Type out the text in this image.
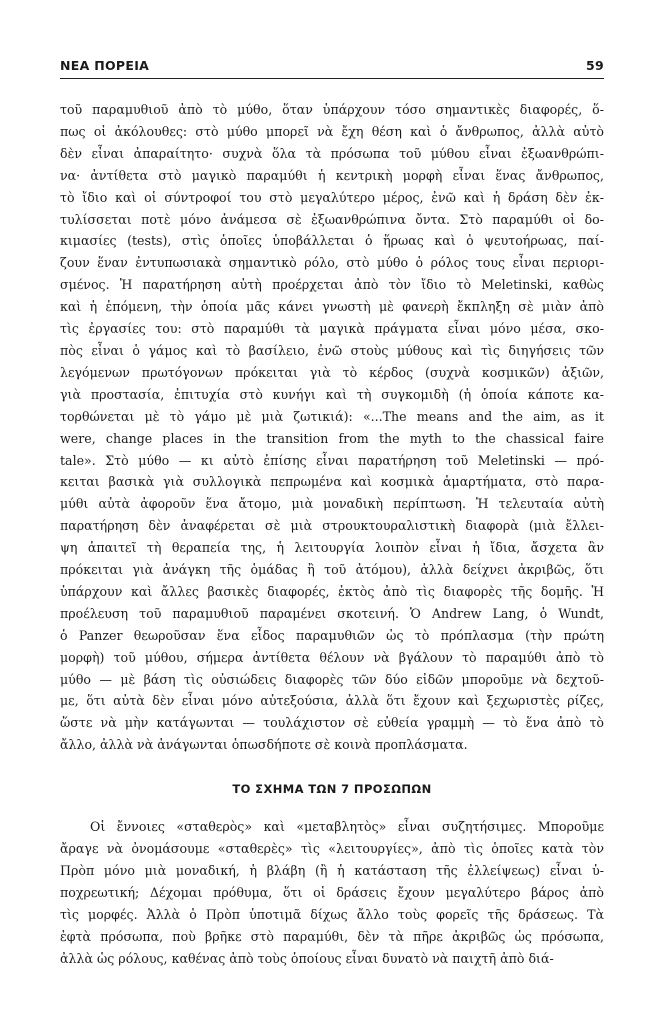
ΝΕΑ ΠΟΡΕΙΑ	59
τοῦ παραμυθιοῦ ἀπὸ τὸ μύθο, ὅταν ὑπάρχουν τόσο σημαντικὲς διαφορές, ὅ-
πως οἱ ἀκόλουθες: στὸ μύθο μπορεῖ νὰ ἔχη θέση καὶ ὁ ἄνθρωπος, ἀλλὰ αὐτὸ
δὲν εἶναι ἀπαραίτητο· συχνὰ ὅλα τὰ πρόσωπα τοῦ μύθου εἶναι ἐξωανθρώπι-
να· ἀντίθετα στὸ μαγικὸ παραμύθι ἡ κεντρικὴ μορφὴ εἶναι ἕνας ἄνθρωπος,
τὸ ἴδιο καὶ οἱ σύντροφοί του στὸ μεγαλύτερο μέρος, ἐνῶ καὶ ἡ δράση δὲν ἐκ-
τυλίσσεται ποτὲ μόνο ἀνάμεσα σὲ ἐξωανθρώπινα ὄντα. Στὸ παραμύθι οἱ δο-
κιμασίες (tests), στὶς ὁποῖες ὑποβάλλεται ὁ ἥρωας καὶ ὁ ψευτοήρωας, παί-
ζουν ἕναν ἐντυπωσιακὰ σημαντικὸ ρόλο, στὸ μύθο ὁ ρόλος τους εἶναι περιορι-
σμένος. Ἡ παρατήρηση αὐτὴ προέρχεται ἀπὸ τὸν ἴδιο τὸ Meletinski, καθὼς
καὶ ἡ ἑπόμενη, τὴν ὁποία μᾶς κάνει γνωστὴ μὲ φανερὴ ἔκπληξη σὲ μιὰν ἀπὸ
τὶς ἐργασίες του: στὸ παραμύθι τὰ μαγικὰ πράγματα εἶναι μόνο μέσα, σκο-
πὸς εἶναι ὁ γάμος καὶ τὸ βασίλειο, ἐνῶ στοὺς μύθους καὶ τὶς διηγήσεις τῶν
λεγόμενων πρωτόγονων πρόκειται γιὰ τὸ κέρδος (συχνὰ κοσμικῶν) ἀξιῶν,
γιὰ προστασία, ἐπιτυχία στὸ κυνήγι καὶ τὴ συγκομιδὴ (ἡ ὁποία κάποτε κα-
τορθώνεται μὲ τὸ γάμο μὲ μιὰ ζωτικιά): «...The means and the aim, as it
were, change places in the transition from the myth to the chassical faire
tale». Στὸ μύθο — κι αὐτὸ ἐπίσης εἶναι παρατήρηση τοῦ Meletinski — πρό-
κειται βασικὰ γιὰ συλλογικὰ πεπρωμένα καὶ κοσμικὰ ἁμαρτήματα, στὸ παρα-
μύθι αὐτὰ ἀφοροῦν ἕνα ἄτομο, μιὰ μοναδικὴ περίπτωση. Ἡ τελευταία αὐτὴ
παρατήρηση δὲν ἀναφέρεται σὲ μιὰ στρουκτουραλιστικὴ διαφορὰ (μιὰ ἔλλει-
ψη ἀπαιτεῖ τὴ θεραπεία της, ἡ λειτουργία λοιπὸν εἶναι ἡ ἴδια, ἄσχετα ἂν
πρόκειται γιὰ ἀνάγκη τῆς ὁμάδας ἢ τοῦ ἀτόμου), ἀλλὰ δείχνει ἀκριβῶς, ὅτι
ὑπάρχουν καὶ ἄλλες βασικὲς διαφορές, ἐκτὸς ἀπὸ τὶς διαφορὲς τῆς δομῆς. Ἡ
προέλευση τοῦ παραμυθιοῦ παραμένει σκοτεινή. Ὁ Andrew Lang, ὁ Wundt,
ὁ Panzer θεωροῦσαν ἕνα εἶδος παραμυθιῶν ὡς τὸ πρόπλασμα (τὴν πρώτη
μορφὴ) τοῦ μύθου, σήμερα ἀντίθετα θέλουν νὰ βγάλουν τὸ παραμύθι ἀπὸ τὸ
μύθο — μὲ βάση τὶς οὐσιώδεις διαφορὲς τῶν δύο εἰδῶν μποροῦμε νὰ δεχτοῦ-
με, ὅτι αὐτὰ δὲν εἶναι μόνο αὐτεξούσια, ἀλλὰ ὅτι ἔχουν καὶ ξεχωριστὲς ρίζες,
ὥστε νὰ μὴν κατάγωνται — τουλάχιστον σὲ εὐθεία γραμμὴ — τὸ ἕνα ἀπὸ τὸ
ἄλλο, ἀλλὰ νὰ ἀνάγωνται ὁπωσδήποτε σὲ κοινὰ προπλάσματα.
ΤΟ ΣΧΗΜΑ ΤΩΝ 7 ΠΡΟΣΩΠΩΝ
Οἱ ἔννοιες «σταθερὸς» καὶ «μεταβλητὸς» εἶναι συζητήσιμες. Μποροῦμε
ἄραγε νὰ ὀνομάσουμε «σταθερὲς» τὶς «λειτουργίες», ἀπὸ τὶς ὁποῖες κατὰ τὸν
Πρὸπ μόνο μιὰ μοναδική, ἡ βλάβη (ἢ ἡ κατάσταση τῆς ἐλλείψεως) εἶναι ὑ-
ποχρεωτική; Δέχομαι πρόθυμα, ὅτι οἱ δράσεις ἔχουν μεγαλύτερο βάρος ἀπὸ
τὶς μορφές. Ἀλλὰ ὁ Πρὸπ ὑποτιμᾶ δίχως ἄλλο τοὺς φορεῖς τῆς δράσεως. Τὰ
ἑφτὰ πρόσωπα, ποὺ βρῆκε στὸ παραμύθι, δὲν τὰ πῆρε ἀκριβῶς ὡς πρόσωπα,
ἀλλὰ ὡς ρόλους, καθένας ἀπὸ τοὺς ὁποίους εἶναι δυνατὸ νὰ παιχτῆ ἀπὸ διά-
